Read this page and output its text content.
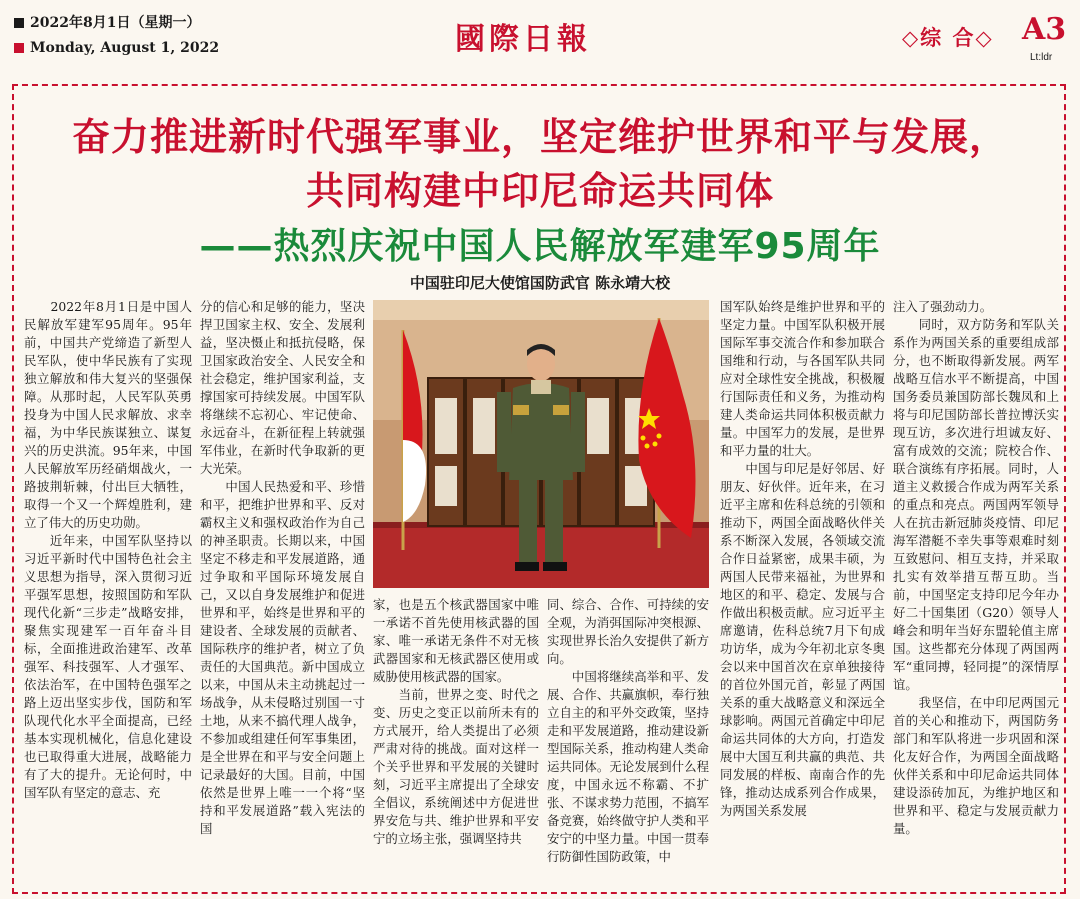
2022年8月1日（星期一）
Monday, August 1, 2022	國際日報	◇综 合◇ A3
Lt:ldr
奋力推进新时代强军事业，坚定维护世界和平与发展，
共同构建中印尼命运共同体
——热烈庆祝中国人民解放军建军95周年
中国驻印尼大使馆国防武官 陈永靖大校
　　2022年8月1日是中国人民解放军建军95周年。95年前，中国共产党缔造了新型人民军队，使中华民族有了实现独立解放和伟大复兴的坚强保障。从那时起，人民军队英勇投身为中国人民求解放、求幸福，为中华民族谋独立、谋复兴的历史洪流。95年来，中国人民解放军历经硝烟战火，一路披荆斩棘，付出巨大牺牲，取得一个又一个辉煌胜利，建立了伟大的历史功勋。
　　近年来，中国军队坚持以习近平新时代中国特色社会主义思想为指导，深入贯彻习近平强军思想，按照国防和军队现代化新“三步走”战略安排，聚焦实现建军一百年奋斗目标，全面推进政治建军、改革强军、科技强军、人才强军、依法治军，在中国特色强军之路上迈出坚实步伐，国防和军队现代化水平全面提高，已经基本实现机械化，信息化建设也已取得重大进展，战略能力有了大的提升。无论何时，中国军队有坚定的意志、充
分的信心和足够的能力，坚决捍卫国家主权、安全、发展利益，坚决慑止和抵抗侵略，保卫国家政治安全、人民安全和社会稳定，维护国家利益，支撑国家可持续发展。中国军队将继续不忘初心、牢记使命、永远奋斗，在新征程上转就强军伟业，在新时代争取新的更大光荣。
　　中国人民热爱和平、珍惜和平，把维护世界和平、反对霸权主义和强权政治作为自己的神圣职责。长期以来，中国坚定不移走和平发展道路，通过争取和平国际环境发展自己，又以自身发展维护和促进世界和平，始终是世界和平的建设者、全球发展的贡献者、国际秩序的维护者，树立了负责任的大国典范。新中国成立以来，中国从未主动挑起过一场战争，从未侵略过别国一寸土地，从来不搞代理人战争，不参加或组建任何军事集团，是全世界在和平与安全问题上记录最好的大国。目前，中国依然是世界上唯一一个将“坚持和平发展道路”载入宪法的国
家，也是五个核武器国家中唯一承诺不首先使用核武器的国家、唯一承诺无条件不对无核武器国家和无核武器区使用或威胁使用核武器的国家。
　　当前，世界之变、时代之变、历史之变正以前所未有的方式展开，给人类提出了必须严肃对待的挑战。面对这样一个关乎世界和平发展的关键时刻，习近平主席提出了全球安全倡议，系统阐述中方促进世界安危与共、维护世界和平安宁的立场主张，强调坚持共
同、综合、合作、可持续的安全观，为消弭国际冲突根源、实现世界长治久安提供了新方向。
　　中国将继续高举和平、发展、合作、共赢旗帜，奉行独立自主的和平外交政策，坚持走和平发展道路，推动建设新型国际关系，推动构建人类命运共同体。无论发展到什么程度，中国永远不称霸、不扩张、不谋求势力范围，不搞军备竞赛，始终做守护人类和平安宁的中坚力量。中国一贯奉行防御性国防政策，中
国军队始终是维护世界和平的坚定力量。中国军队积极开展国际军事交流合作和参加联合国维和行动，与各国军队共同应对全球性安全挑战，积极履行国际责任和义务，为推动构建人类命运共同体积极贡献力量。中国军力的发展，是世界和平力量的壮大。
　　中国与印尼是好邻居、好朋友、好伙伴。近年来，在习近平主席和佐科总统的引领和推动下，两国全面战略伙伴关系不断深入发展，各领域交流合作日益紧密，成果丰硕，为两国人民带来福祉，为世界和地区的和平、稳定、发展与合作做出积极贡献。应习近平主席邀请，佐科总统7月下旬成功访华，成为今年初北京冬奥会以来中国首次在京单独接待的首位外国元首，彰显了两国关系的重大战略意义和深远全球影响。两国元首确定中印尼命运共同体的大方向，打造发展中大国互利共赢的典范、共同发展的样板、南南合作的先锋，推动达成系列合作成果，为两国关系发展
注入了强劲动力。
　　同时，双方防务和军队关系作为两国关系的重要组成部分，也不断取得新发展。两军战略互信水平不断提高，中国国务委员兼国防部长魏凤和上将与印尼国防部长普拉博沃实现互访，多次进行坦诚友好、富有成效的交流；院校合作、联合演练有序拓展。同时，人道主义救援合作成为两军关系的重点和亮点。两国两军领导人在抗击新冠肺炎疫情、印尼海军潜艇不幸失事等艰难时刻互致慰问、相互支持，并采取扎实有效举措互帮互助。当前，中国坚定支持印尼今年办好二十国集团（G20）领导人峰会和明年当好东盟轮值主席国。这些都充分体现了两国两军“重同搏，轻同提”的深情厚谊。
　　我坚信，在中印尼两国元首的关心和推动下，两国防务部门和军队将进一步巩固和深化友好合作，为两国全面战略伙伴关系和中印尼命运共同体建设添砖加瓦，为维护地区和世界和平、稳定与发展贡献力量。
